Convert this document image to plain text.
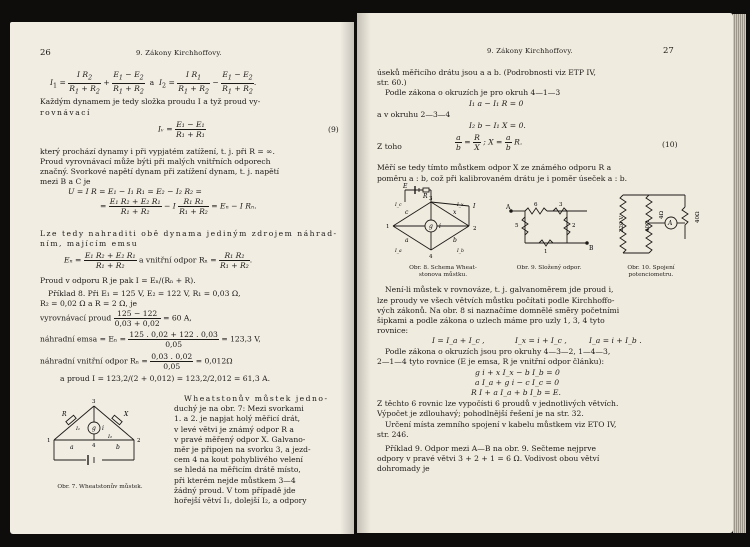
26	9. Zákony Kirchhoffovy.
$I_1 = \frac{I R_2}{R_1 + R_2} + \frac{E_1 - E_2}{R_1 + R_2}$ a $I_2 = \frac{I R_1}{R_1 + R_2} - \frac{E_1 - E_2}{R_1 + R_2}$ .
Každým dynamem je tedy složka proudu I a tyž proud vy-
rovnávací
Iᵥ = $\frac{\text{E₁ − E₁}}{\text{R₁ + R₁}}$	(9)
který prochází dynamy i při vypjatém zatížení, t. j. při R = ∞.
Proud vyrovnávací může býti při malých vnitřních odporech
značný. Svorkové napětí dynam při zatížení dynam, t. j. napětí
mezi B a C je
U = I R = E₁ − I₁ R₁ = E₂ − I₂ R₂ =
= $\frac{\text{E₁ R₂ + E₂ R₁}}{\text{R₁ + R₂}} - I \frac{\text{R₁ R₂}}{\text{R₁ + R₂}} = E_n - I$ Rₙ.
Lze tedy nahraditi obě dynama jediným zdrojem náhrad-
ním, majícím emsu
$E_n = \frac{\text{E₁ R₂ + E₂ R₁}}{\text{R₁ + R₂}}$ a vnitřní odpor $R_n = \frac{\text{R₁ R₂}}{\text{R₁ + R₂}}$ .
Proud v odporu R je pak I = Eₙ/(Rₙ + R).
Příklad 8. Při E₁ = 125 V, E₂ = 122 V, R₁ = 0,03 Ω,
R₂ = 0,02 Ω a R = 2 Ω, je
vyrovnávací proud $\frac{125 - 122}{0,03 + 0,02} = 60$ A,
náhradní emsa = $E_n = \frac{125 . 0,02 + 122 . 0,03}{0,05} = 123,3$ V,
náhradní vnitřní odpor $R_n = \frac{0,03 . 0,02}{0,05} = 0,012\Omega$
a proud I = 123,2/(2 + 0,012) = 123,2/2,012 = 61,3 A.
Wheatstonův můstek jedno-
duchý je na obr. 7: Mezi svorkami
1. a 2. je napjat holý měřicí drát,
v levé větvi je známý odpor R a
v pravé měřený odpor X. Galvano-
měr je připojen na svorku 3, a jezd-
cem 4 na kout pohyblivého velení
se hledá na měřicím drátě místo,
při kterém nejde můstkem 3—4
žádný proud. V tom případě jde
hořejší větví I₁, dolejší I₂, a odpory
3
1	2
4
R	X
g i
a	b
I₁
I₂
Obr. 7. Wheatstonův můstek.
9. Zákony Kirchhoffovy.	27
úseků měřicího drátu jsou a a b. (Podrobnosti viz ETP IV,
str. 60.)
Podle zákona o okruzích je pro okruh 4—1—3
I₁ a − I₁ R = 0
a v okruhu 2—3—4
I₂ b − I₁ X = 0.
Z toho	$\frac{a}{b} = \frac{R}{X}$ ; $X = \frac{a}{b} R$.	(10)
Měří se tedy tímto můstkem odpor X ze známého odporu R a
poměru a : b, což při kalibrovaném drátu je i poměr úseček a : b.
E
R
I
c	x
g i
a	b
1	2
3
4
I_c	I_x
I_a	I_b
A
B
6	3
5	2
1
220 V	40Ω
4Ω	40Ω
A
Obr. 8. Schema Wheat-
stonova můstku.
Obr. 9. Složený odpor.	Obr. 10. Spojení
potenciometru.
Není-li můstek v rovnováze, t. j. galvanoměrem jde proud i,
lze proudy ve všech větvích můstku počítati podle Kirchhoffo-
vých zákonů. Na obr. 8 si naznačíme domnělé směry početními
šipkami a podle zákona o uzlech máme pro uzly 1, 3, 4 tyto
rovnice:
I = I_a + I_c ,	I_x = i + I_c ,	I_a = i + I_b .
Podle zákona o okruzích jsou pro okruhy 4—3—2, 1—4—3,
2—1—4 tyto rovnice (E je emsa, R je vnitřní odpor článku):
g i + x I_x − b I_b = 0
a I_a + g i − c I_c = 0
R I + a I_a + b I_b = E.
Z těchto 6 rovnic lze vypočísti 6 proudů v jednotlivých větvích.
Výpočet je zdlouhavý; pohodlnější řešení je na str. 32.
Určení místa zemního spojení v kabelu můstkem viz ETO IV,
str. 246.
Příklad 9. Odpor mezi A—B na obr. 9. Sečteme nejprve
odpory v pravé větvi 3 + 2 + 1 = 6 Ω. Vodivost obou větví
dohromady je
